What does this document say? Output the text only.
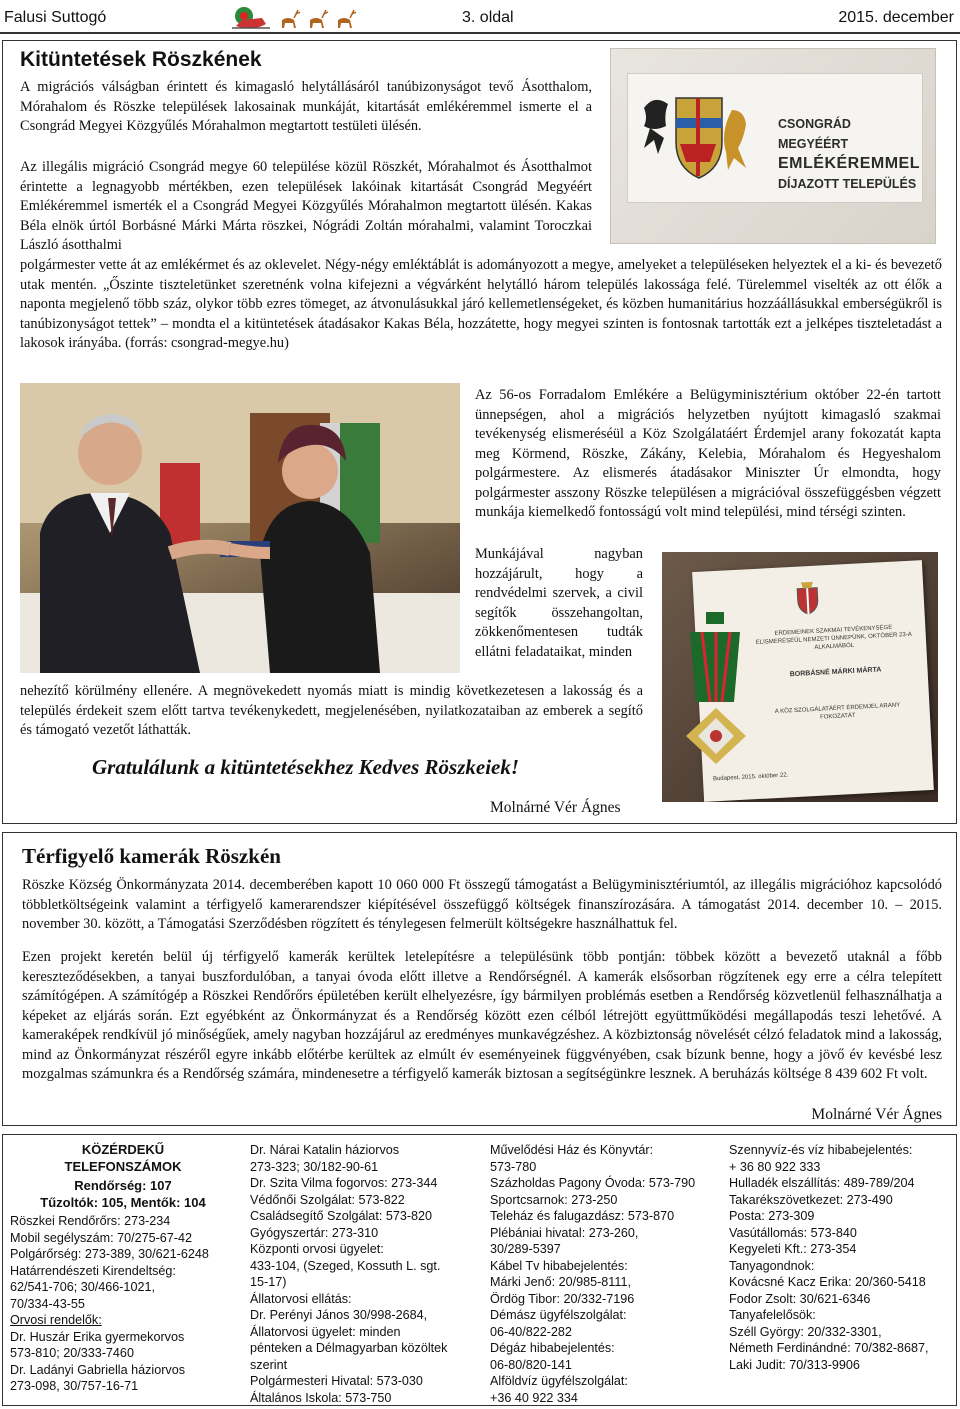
Falusi Suttogó	3. oldal	2015. december
Kitüntetések Röszkének
A migrációs válságban érintett és kimagasló helytállásáról tanúbizonyságot tevő Ásotthalom, Mórahalom és Röszke települések lakosainak munkáját, kitartását emlékéremmel ismerte el a Csongrád Megyei Közgyűlés Mórahalmon megtartott testületi ülésén.
Az illegális migráció Csongrád megye 60 települése közül Röszkét, Mórahalmot és Ásotthalmot érintette a legnagyobb mértékben, ezen települések lakóinak kitartását Csongrád Megyéért Emlékéremmel ismerték el a Csongrád Megyei Közgyűlés Mórahalmon megtartott ülésén. Kakas Béla elnök úrtól Borbásné Márki Márta röszkei, Nógrádi Zoltán mórahalmi, valamint Toroczkai László ásotthalmi
polgármester vette át az emlékérmet és az oklevelet. Négy-négy emléktáblát is adományozott a megye, amelyeket a településeken helyeztek el a ki- és bevezető utak mentén. „Őszinte tiszteletünket szeretnénk volna kifejezni a végvárként helytálló három település lakossága felé. Türelemmel viselték az ott élők a naponta megjelenő több száz, olykor több ezres tömeget, az átvonulásukkal járó kellemetlenségeket, és közben humanitárius hozzáállásukkal emberségükről is tanúbizonyságot tettek” – mondta el a kitüntetések átadásakor Kakas Béla, hozzátette, hogy megyei szinten is fontosnak tartották ezt a jelképes tiszteletadást a lakosok irányába. (forrás: csongrad-megye.hu)
CSONGRÁD MEGYÉÉRT
EMLÉKÉREMMEL
DÍJAZOTT TELEPÜLÉS
Az 56-os Forradalom Emlékére a Belügyminisztérium október 22-én tartott ünnepségen, ahol a migrációs helyzetben nyújtott kimagasló szakmai tevékenység elismeréséül a Köz Szolgálatáért Érdemjel arany fokozatát kapta meg Körmend, Röszke, Zákány, Kelebia, Mórahalom és Hegyeshalom polgármestere. Az elismerés átadásakor Miniszter Úr elmondta, hogy polgármester asszony Röszke településen a migrációval összefüggésben végzett munkája kiemelkedő fontosságú volt mind települési, mind térségi szinten.
Munkájával nagyban hozzájárult, hogy a rendvédelmi szervek, a civil segítők összehangoltan, zökkenőmentesen tudták ellátni feladataikat, minden
nehezítő körülmény ellenére. A megnövekedett nyomás miatt is mindig következetesen a lakosság és a település érdekeit szem előtt tartva tevékenykedett, megjelenésében, nyilatkozataiban az emberek a segítő és támogató vezetőt láthatták.
ERDEMEINEK SZAKMAI TEVÉKENYSÉGE ELISMERÉSÉÜL NEMZETI ÜNNEPÜNK, OKTÓBER 23-A ALKALMÁBÓL
BORBÁSNÉ MÁRKI MÁRTA
A KÖZ SZOLGÁLATÁÉRT ÉRDEMJEL ARANY FOKOZATÁT
Budapest, 2015. október 22.
Gratulálunk a kitüntetésekhez Kedves Röszkeiek!
Molnárné Vér Ágnes
Térfigyelő kamerák Röszkén
Röszke Község Önkormányzata 2014. decemberében kapott 10 060 000 Ft összegű támogatást a Belügyminisztériumtól, az illegális migrációhoz kapcsolódó többletköltségeink valamint a térfigyelő kamerarendszer kiépítésével összefüggő költségek finanszírozására. A támogatást 2014. december 10. – 2015. november 30. között, a Támogatási Szerződésben rögzített és ténylegesen felmerült költségekre használhattuk fel.
Ezen projekt keretén belül új térfigyelő kamerák kerültek letelepítésre a településünk több pontján: többek között a bevezető utaknál a főbb kereszteződésekben, a tanyai buszfordulóban, a tanyai óvoda előtt illetve a Rendőrségnél. A kamerák elsősorban rögzítenek egy erre a célra telepített számítógépen. A számítógép a Röszkei Rendőrőrs épületében került elhelyezésre, így bármilyen problémás esetben a Rendőrség közvetlenül felhasználhatja a képeket az eljárás során. Ezt egyébként az Önkormányzat és a Rendőrség között ezen célból létrejött együttműködési megállapodás teszi lehetővé. A kameraképek rendkívül jó minőségűek, amely nagyban hozzájárul az eredményes munkavégzéshez. A közbiztonság növelését célzó feladatok mind a lakosság, mind az Önkormányzat részéről egyre inkább előtérbe kerültek az elmúlt év eseményeinek függvényében, csak bízunk benne, hogy a jövő év kevésbé lesz mozgalmas számunkra és a Rendőrség számára, mindenesetre a térfigyelő kamerák biztosan a segítségünkre lesznek. A beruházás költsége 8 439 602 Ft volt.
Molnárné Vér Ágnes
KÖZÉRDEKŰ
TELEFONSZÁMOK
Rendőrség: 107
Tűzoltók: 105, Mentők: 104
Röszkei Rendőrőrs: 273-234
Mobil segélyszám: 70/275-67-42
Polgárőrség: 273-389, 30/621-6248
Határrendészeti Kirendeltség:
62/541-706; 30/466-1021,
70/334-43-55
Orvosi rendelők:
Dr. Huszár Erika gyermekorvos
573-810; 20/333-7460
Dr. Ladányi Gabriella háziorvos
273-098, 30/757-16-71
Dr. Nárai Katalin háziorvos
273-323; 30/182-90-61
Dr. Szita Vilma fogorvos: 273-344
Védőnői Szolgálat: 573-822
Családsegítő Szolgálat: 573-820
Gyógyszertár: 273-310
Központi orvosi ügyelet:
433-104, (Szeged, Kossuth L. sgt.
15-17)
Állatorvosi ellátás:
Dr. Perényi János 30/998-2684,
Állatorvosi ügyelet: minden
pénteken a Délmagyarban közöltek
szerint
Polgármesteri Hivatal: 573-030
Általános Iskola: 573-750
Művelődési Ház és Könyvtár:
573-780
Százholdas Pagony Óvoda: 573-790
Sportcsarnok: 273-250
Teleház és falugazdász: 573-870
Plébániai hivatal: 273-260,
30/289-5397
Kábel Tv hibabejelentés:
Márki Jenő: 20/985-8111,
Ördög Tibor: 20/332-7196
Démász ügyfélszolgálat:
06-40/822-282
Dégáz hibabejelentés:
06-80/820-141
Alföldvíz ügyfélszolgálat:
+36 40 922 334
Szennyvíz-és víz hibabejelentés:
+ 36 80 922 333
Hulladék elszállítás: 489-789/204
Takarékszövetkezet: 273-490
Posta: 273-309
Vasútállomás: 573-840
Kegyeleti Kft.: 273-354
Tanyagondnok:
Kovácsné Kacz Erika: 20/360-5418
Fodor Zsolt: 30/621-6346
Tanyafelelősök:
Széll György: 20/332-3301,
Németh Ferdinándné: 70/382-8687,
Laki Judit: 70/313-9906
